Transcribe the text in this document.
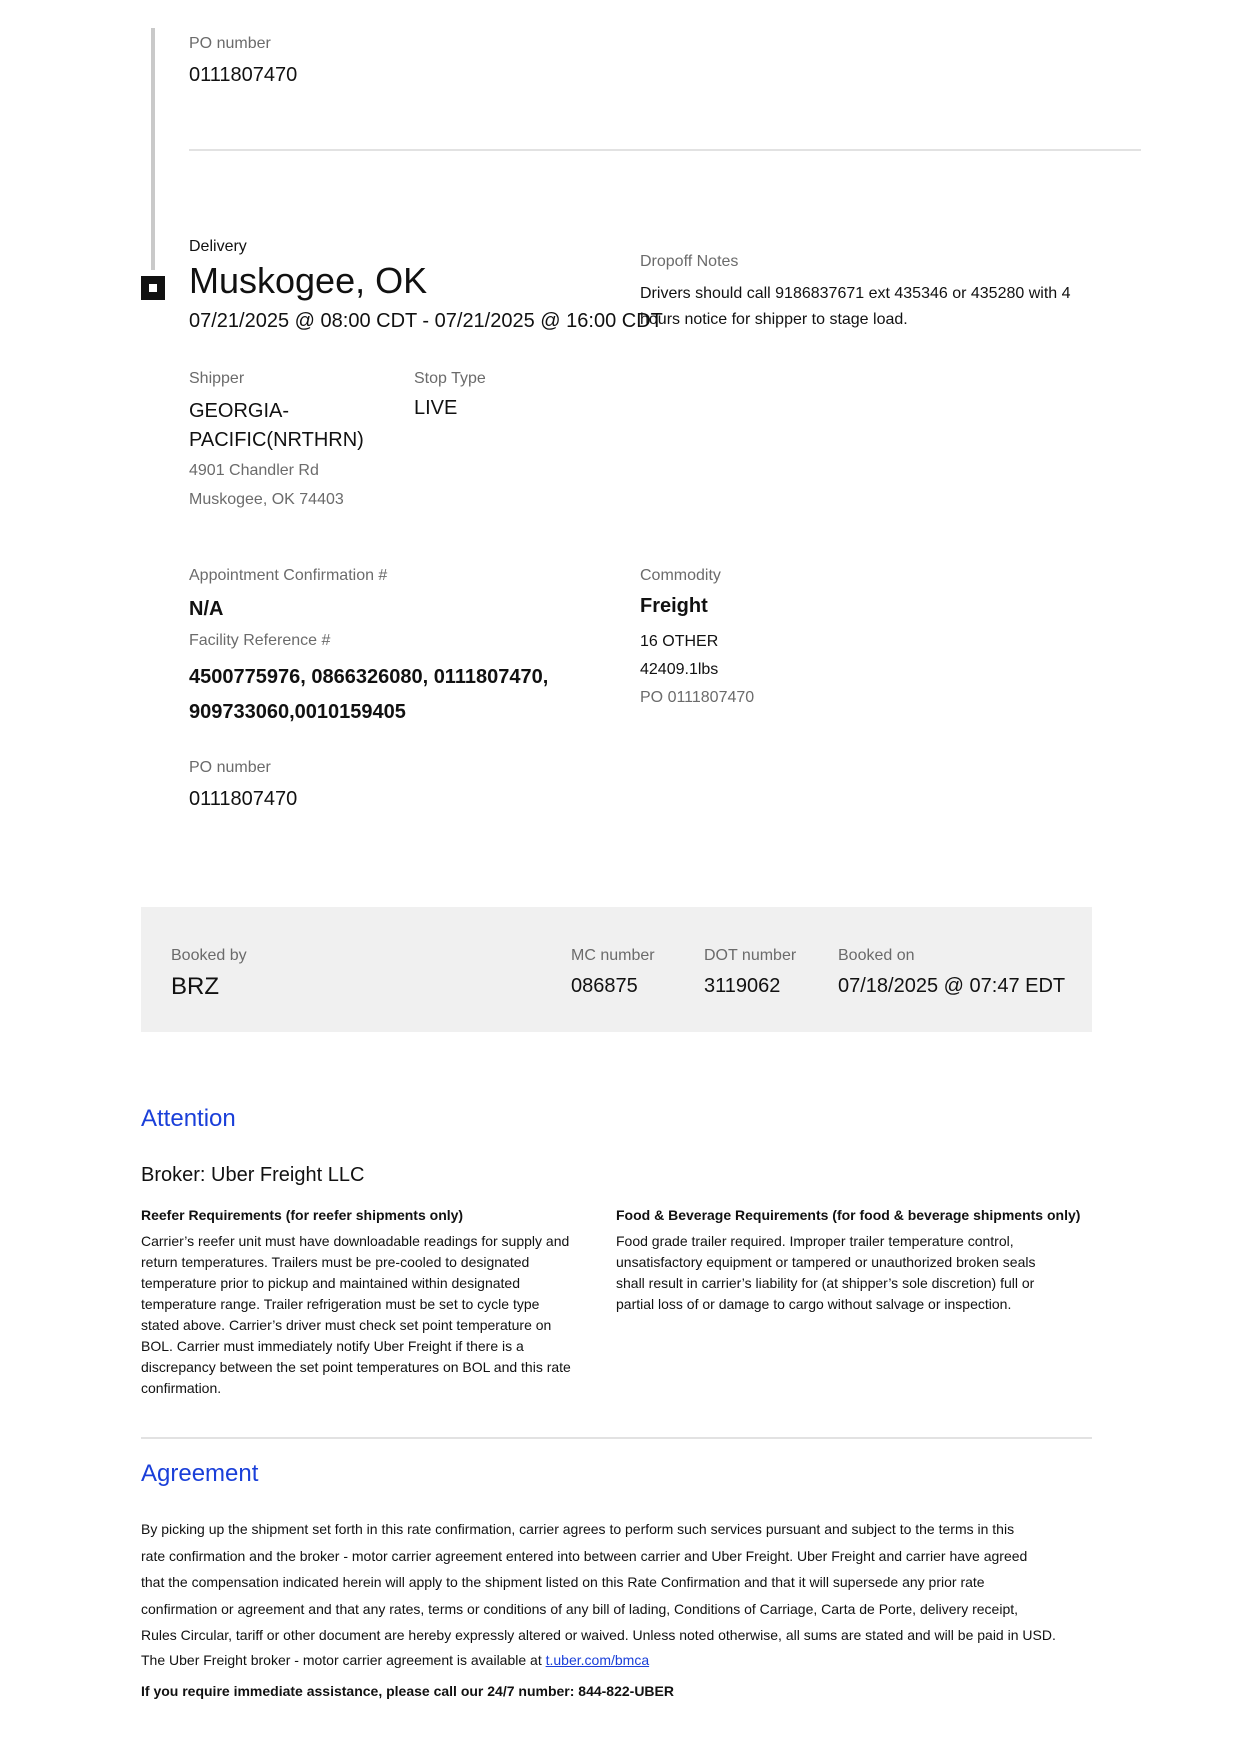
PO number
0111807470
Delivery
Muskogee, OK
07/21/2025 @ 08:00 CDT - 07/21/2025 @ 16:00 CDT
Dropoff Notes
Drivers should call 9186837671 ext 435346 or 435280 with 4
hours notice for shipper to stage load.
Shipper
GEORGIA-
PACIFIC(NRTHRN)
4901 Chandler Rd
Muskogee, OK 74403
Stop Type
LIVE
Appointment Confirmation #
N/A
Facility Reference #
4500775976, 0866326080, 0111807470,
909733060,0010159405
Commodity
Freight
16 OTHER
42409.1lbs
PO 0111807470
PO number
0111807470
Booked by
BRZ
MC number
086875
DOT number
3119062
Booked on
07/18/2025 @ 07:47 EDT
Attention
Broker: Uber Freight LLC
Reefer Requirements (for reefer shipments only)
Carrier’s reefer unit must have downloadable readings for supply and
return temperatures. Trailers must be pre-cooled to designated
temperature prior to pickup and maintained within designated
temperature range. Trailer refrigeration must be set to cycle type
stated above. Carrier’s driver must check set point temperature on
BOL. Carrier must immediately notify Uber Freight if there is a
discrepancy between the set point temperatures on BOL and this rate
confirmation.
Food & Beverage Requirements (for food & beverage shipments only)
Food grade trailer required. Improper trailer temperature control,
unsatisfactory equipment or tampered or unauthorized broken seals
shall result in carrier’s liability for (at shipper’s sole discretion) full or
partial loss of or damage to cargo without salvage or inspection.
Agreement
By picking up the shipment set forth in this rate confirmation, carrier agrees to perform such services pursuant and subject to the terms in this
rate confirmation and the broker - motor carrier agreement entered into between carrier and Uber Freight. Uber Freight and carrier have agreed
that the compensation indicated herein will apply to the shipment listed on this Rate Confirmation and that it will supersede any prior rate
confirmation or agreement and that any rates, terms or conditions of any bill of lading, Conditions of Carriage, Carta de Porte, delivery receipt,
Rules Circular, tariff or other document are hereby expressly altered or waived. Unless noted otherwise, all sums are stated and will be paid in USD.
The Uber Freight broker - motor carrier agreement is available at t.uber.com/bmca
If you require immediate assistance, please call our 24/7 number: 844-822-UBER
